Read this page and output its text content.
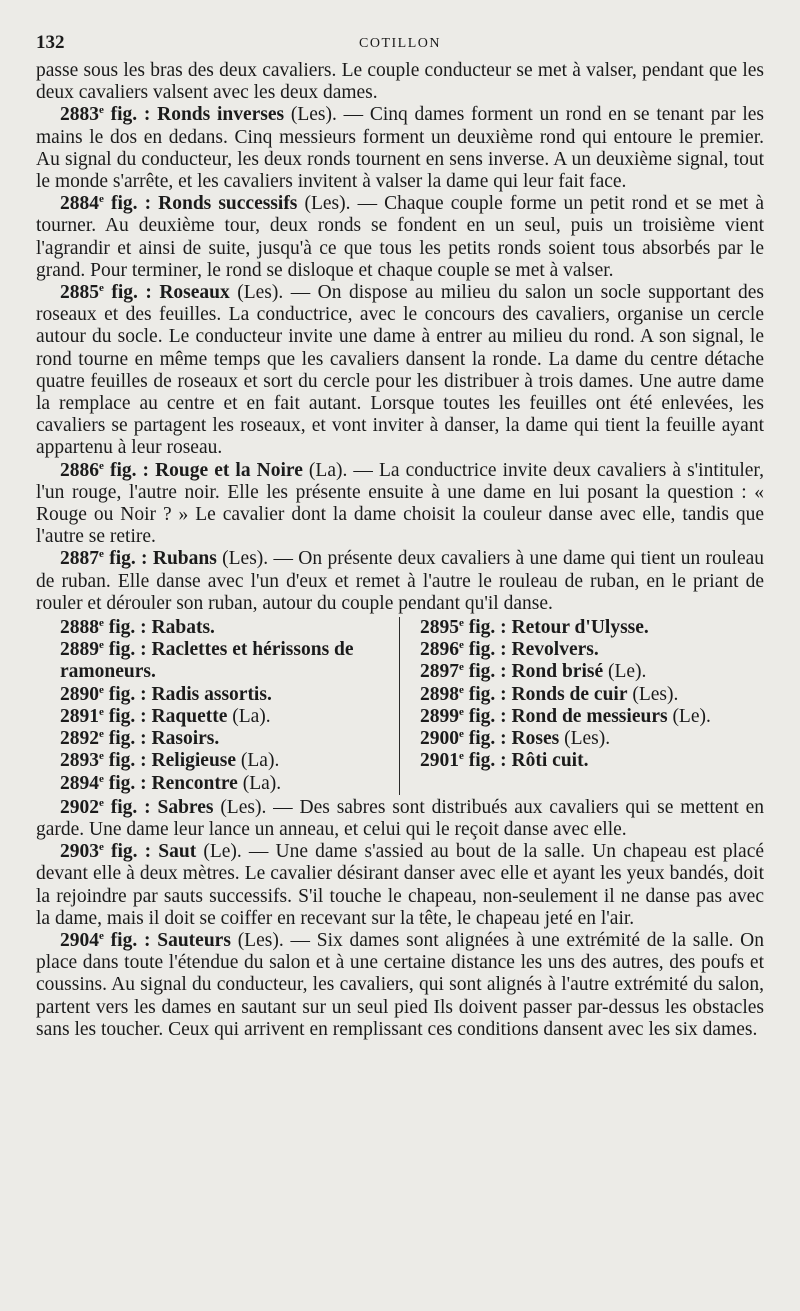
132	COTILLON

passe sous les bras des deux cavaliers. Le couple conducteur se met à valser, pendant que les deux cavaliers valsent avec les deux dames.

2883e fig. : Ronds inverses (Les). — Cinq dames forment un rond en se tenant par les mains le dos en dedans. Cinq messieurs forment un deuxième rond qui entoure le premier. Au signal du conducteur, les deux ronds tournent en sens inverse. A un deuxième signal, tout le monde s'arrête, et les cavaliers invitent à valser la dame qui leur fait face.

2884e fig. : Ronds successifs (Les). — Chaque couple forme un petit rond et se met à tourner. Au deuxième tour, deux ronds se fondent en un seul, puis un troisième vient l'agrandir et ainsi de suite, jusqu'à ce que tous les petits ronds soient tous absorbés par le grand. Pour terminer, le rond se disloque et chaque couple se met à valser.

2885e fig. : Roseaux (Les). — On dispose au milieu du salon un socle supportant des roseaux et des feuilles. La conductrice, avec le concours des cavaliers, organise un cercle autour du socle. Le conducteur invite une dame à entrer au milieu du rond. A son signal, le rond tourne en même temps que les cavaliers dansent la ronde. La dame du centre détache quatre feuilles de roseaux et sort du cercle pour les distribuer à trois dames. Une autre dame la remplace au centre et en fait autant. Lorsque toutes les feuilles ont été enlevées, les cavaliers se partagent les roseaux, et vont inviter à danser, la dame qui tient la feuille ayant appartenu à leur roseau.

2886e fig. : Rouge et la Noire (La). — La conductrice invite deux cavaliers à s'intituler, l'un rouge, l'autre noir. Elle les présente ensuite à une dame en lui posant la question : « Rouge ou Noir ? » Le cavalier dont la dame choisit la couleur danse avec elle, tandis que l'autre se retire.

2887e fig. : Rubans (Les). — On présente deux cavaliers à une dame qui tient un rouleau de ruban. Elle danse avec l'un d'eux et remet à l'autre le rouleau de ruban, en le priant de rouler et dérouler son ruban, autour du couple pendant qu'il danse.

2888e fig. : Rabats.

2889e fig. : Raclettes et hérissons de ramoneurs.

2890e fig. : Radis assortis.

2891e fig. : Raquette (La).

2892e fig. : Rasoirs.

2893e fig. : Religieuse (La).

2894e fig. : Rencontre (La).

2895e fig. : Retour d'Ulysse.

2896e fig. : Revolvers.

2897e fig. : Rond brisé (Le).

2898e fig. : Ronds de cuir (Les).

2899e fig. : Rond de messieurs (Le).

2900e fig. : Roses (Les).

2901e fig. : Rôti cuit.

2902e fig. : Sabres (Les). — Des sabres sont distribués aux cavaliers qui se mettent en garde. Une dame leur lance un anneau, et celui qui le reçoit danse avec elle.

2903e fig. : Saut (Le). — Une dame s'assied au bout de la salle. Un chapeau est placé devant elle à deux mètres. Le cavalier désirant danser avec elle et ayant les yeux bandés, doit la rejoindre par sauts successifs. S'il touche le chapeau, non-seulement il ne danse pas avec la dame, mais il doit se coiffer en recevant sur la tête, le chapeau jeté en l'air.

2904e fig. : Sauteurs (Les). — Six dames sont alignées à une extrémité de la salle. On place dans toute l'étendue du salon et à une certaine distance les uns des autres, des poufs et coussins. Au signal du conducteur, les cavaliers, qui sont alignés à l'autre extrémité du salon, partent vers les dames en sautant sur un seul pied Ils doivent passer par-dessus les obstacles sans les toucher. Ceux qui arrivent en remplissant ces conditions dansent avec les six dames.
